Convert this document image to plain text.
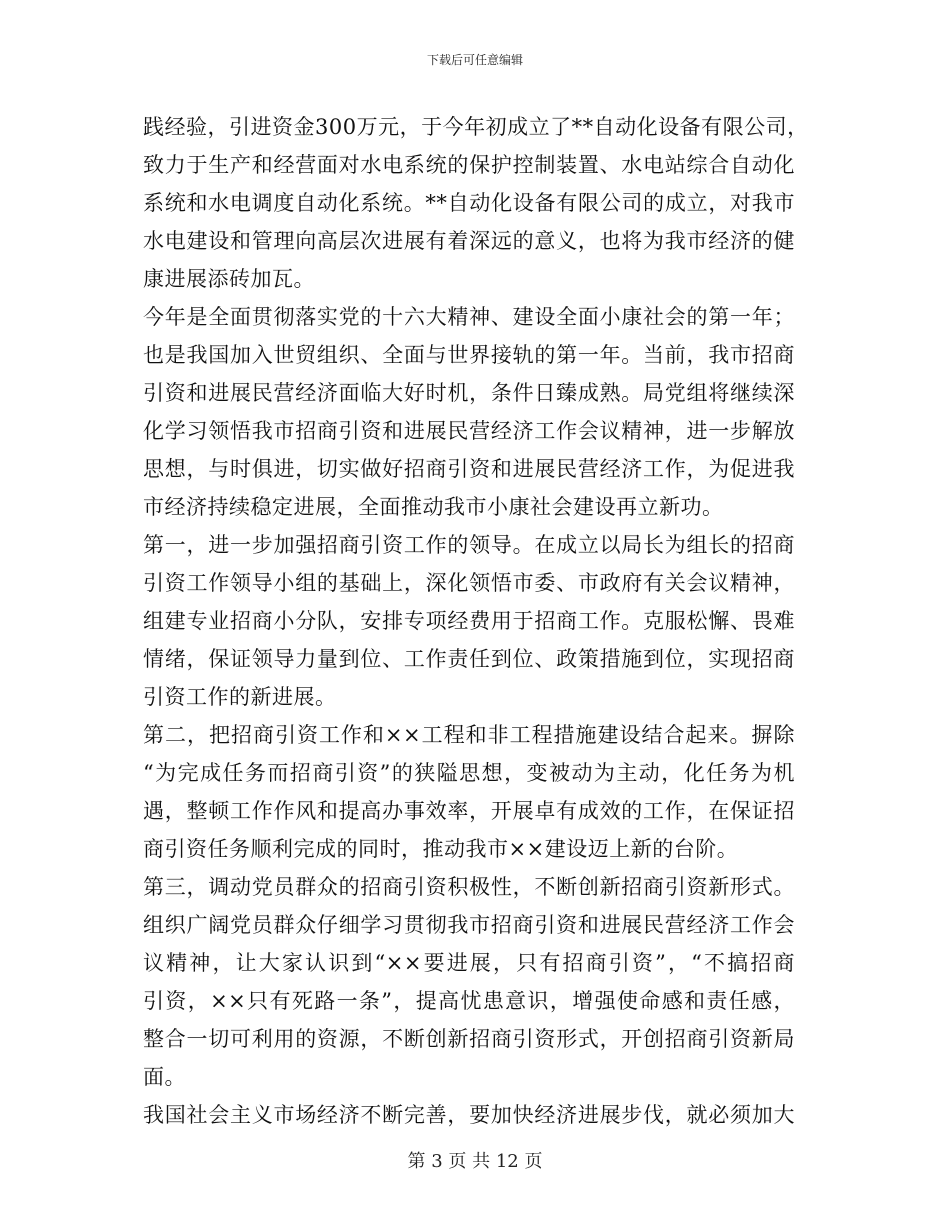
下载后可任意编辑
践经验，引进资金300万元，于今年初成立了**自动化设备有限公司，
致力于生产和经营面对水电系统的保护控制装置、水电站综合自动化
系统和水电调度自动化系统。**自动化设备有限公司的成立，对我市
水电建设和管理向高层次进展有着深远的意义，也将为我市经济的健
康进展添砖加瓦。
今年是全面贯彻落实党的十六大精神、建设全面小康社会的第一年；
也是我国加入世贸组织、全面与世界接轨的第一年。当前，我市招商
引资和进展民营经济面临大好时机，条件日臻成熟。局党组将继续深
化学习领悟我市招商引资和进展民营经济工作会议精神，进一步解放
思想，与时俱进，切实做好招商引资和进展民营经济工作，为促进我
市经济持续稳定进展，全面推动我市小康社会建设再立新功。
第一，进一步加强招商引资工作的领导。在成立以局长为组长的招商
引资工作领导小组的基础上，深化领悟市委、市政府有关会议精神，
组建专业招商小分队，安排专项经费用于招商工作。克服松懈、畏难
情绪，保证领导力量到位、工作责任到位、政策措施到位，实现招商
引资工作的新进展。
第二，把招商引资工作和××工程和非工程措施建设结合起来。摒除
“为完成任务而招商引资”的狭隘思想，变被动为主动，化任务为机
遇，整顿工作作风和提高办事效率，开展卓有成效的工作，在保证招
商引资任务顺利完成的同时，推动我市××建设迈上新的台阶。
第三，调动党员群众的招商引资积极性，不断创新招商引资新形式。
组织广阔党员群众仔细学习贯彻我市招商引资和进展民营经济工作会
议精神，让大家认识到“××要进展，只有招商引资”，“不搞招商
引资，××只有死路一条”，提高忧患意识，增强使命感和责任感，
整合一切可利用的资源，不断创新招商引资形式，开创招商引资新局
面。
我国社会主义市场经济不断完善，要加快经济进展步伐，就必须加大
第 3 页 共 12 页
